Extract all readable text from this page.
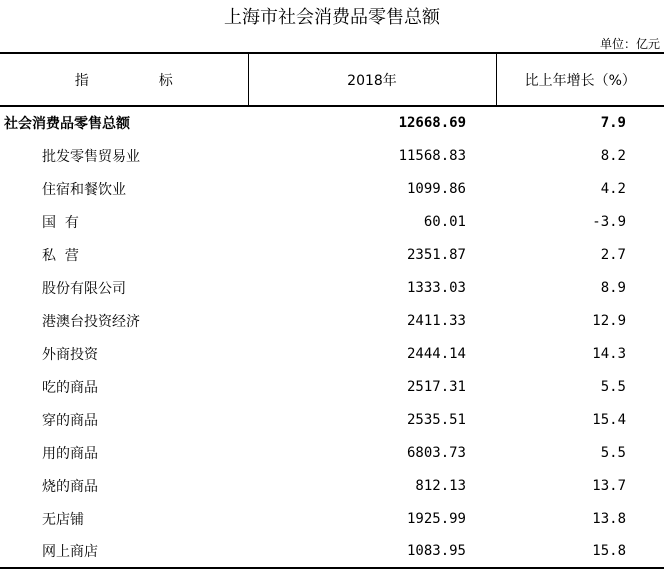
上海市社会消费品零售总额
单位：亿元
指 标	2018年	比上年增长（%）
社会消费品零售总额	12668.69	7.9
批发零售贸易业	11568.83	8.2
住宿和餐饮业	1099.86	4.2
国  有	60.01	-3.9
私  营	2351.87	2.7
股份有限公司	1333.03	8.9
港澳台投资经济	2411.33	12.9
外商投资	2444.14	14.3
吃的商品	2517.31	5.5
穿的商品	2535.51	15.4
用的商品	6803.73	5.5
烧的商品	812.13	13.7
无店铺	1925.99	13.8
网上商店	1083.95	15.8
